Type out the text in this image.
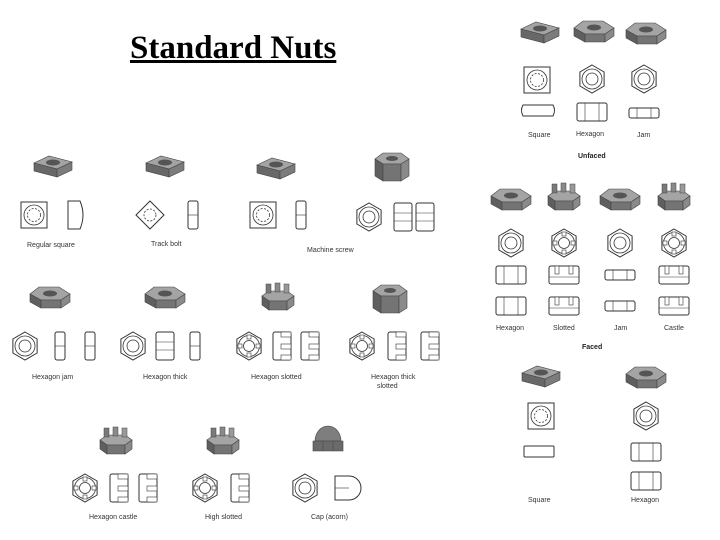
Standard Nuts
Regular square	Track bolt
Machine screw
Hexagon jam	Hexagon thick	Hexagon slotted	Hexagon thick
slotted
Hexagon castle	High slotted	Cap (acorn)
Square	Hexagon	Jam
Unfaced
Hexagon	Slotted	Jam	Castle
Faced
Square	Hexagon
